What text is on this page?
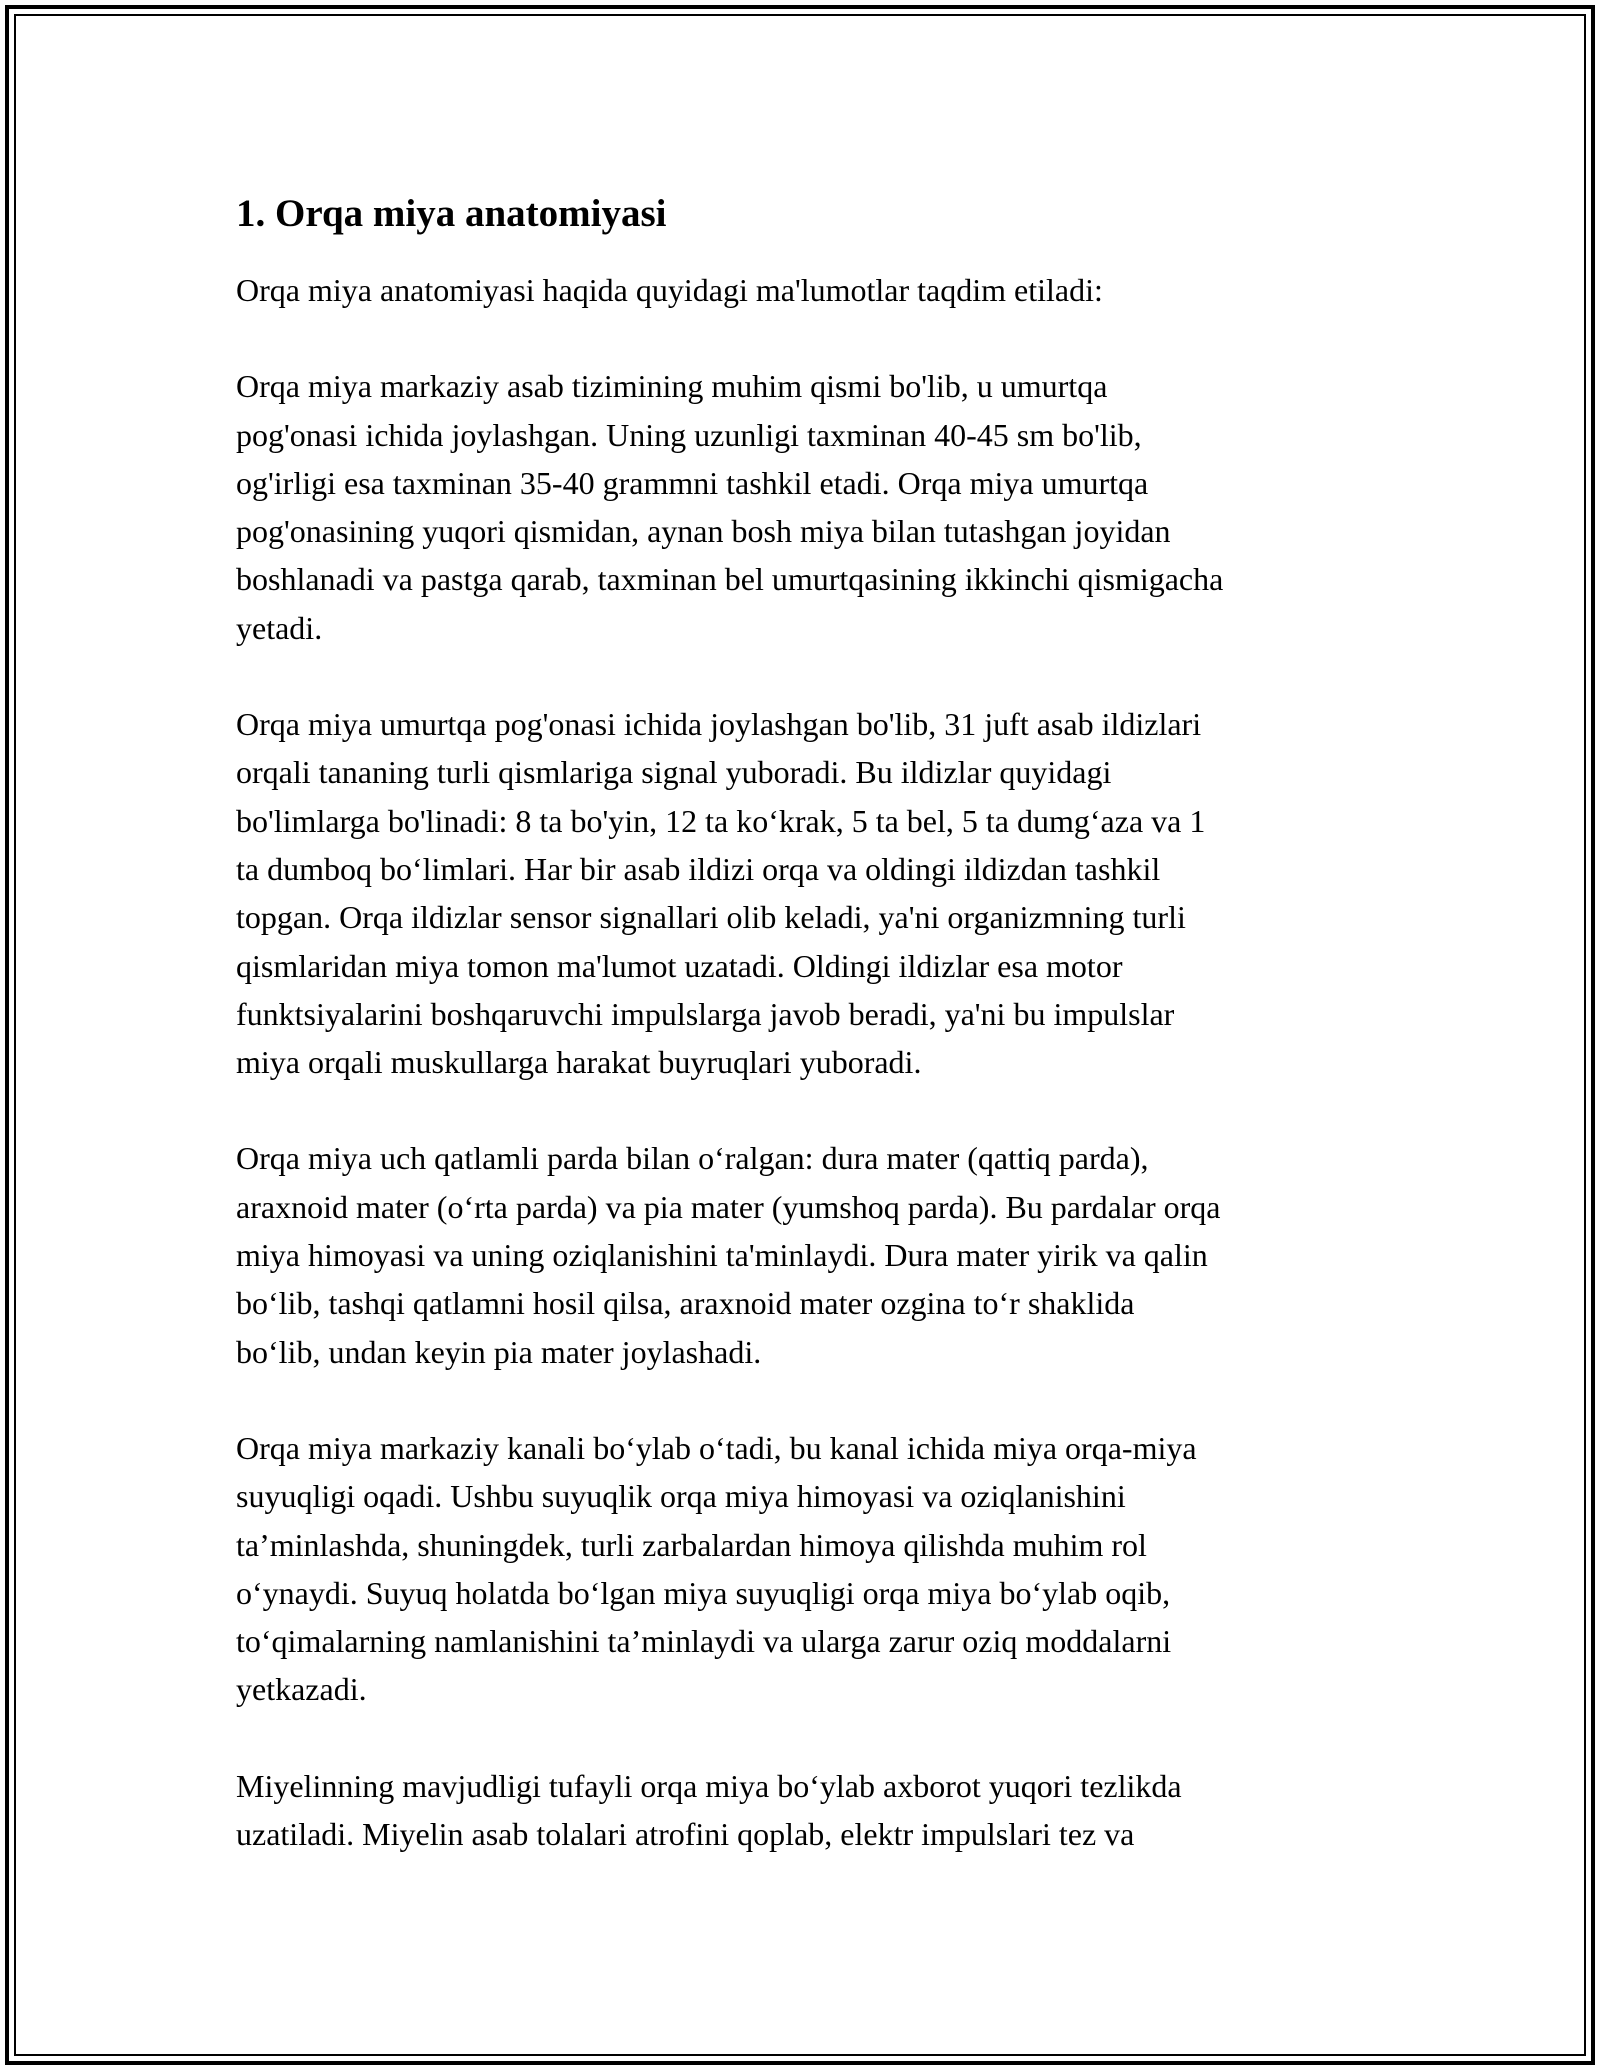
1. Orqa miya anatomiyasi

Orqa miya anatomiyasi haqida quyidagi ma'lumotlar taqdim etiladi:

Orqa miya markaziy asab tizimining muhim qismi bo'lib, u umurtqa
pog'onasi ichida joylashgan. Uning uzunligi taxminan 40-45 sm bo'lib,
og'irligi esa taxminan 35-40 grammni tashkil etadi. Orqa miya umurtqa
pog'onasining yuqori qismidan, aynan bosh miya bilan tutashgan joyidan
boshlanadi va pastga qarab, taxminan bel umurtqasining ikkinchi qismigacha
yetadi.

Orqa miya umurtqa pog'onasi ichida joylashgan bo'lib, 31 juft asab ildizlari
orqali tananing turli qismlariga signal yuboradi. Bu ildizlar quyidagi
bo'limlarga bo'linadi: 8 ta bo'yin, 12 ta ko‘krak, 5 ta bel, 5 ta dumg‘aza va 1
ta dumboq bo‘limlari. Har bir asab ildizi orqa va oldingi ildizdan tashkil
topgan. Orqa ildizlar sensor signallari olib keladi, ya'ni organizmning turli
qismlaridan miya tomon ma'lumot uzatadi. Oldingi ildizlar esa motor
funktsiyalarini boshqaruvchi impulslarga javob beradi, ya'ni bu impulslar
miya orqali muskullarga harakat buyruqlari yuboradi.

Orqa miya uch qatlamli parda bilan o‘ralgan: dura mater (qattiq parda),
araxnoid mater (o‘rta parda) va pia mater (yumshoq parda). Bu pardalar orqa
miya himoyasi va uning oziqlanishini ta'minlaydi. Dura mater yirik va qalin
bo‘lib, tashqi qatlamni hosil qilsa, araxnoid mater ozgina to‘r shaklida
bo‘lib, undan keyin pia mater joylashadi.

Orqa miya markaziy kanali bo‘ylab o‘tadi, bu kanal ichida miya orqa-miya
suyuqligi oqadi. Ushbu suyuqlik orqa miya himoyasi va oziqlanishini
ta’minlashda, shuningdek, turli zarbalardan himoya qilishda muhim rol
o‘ynaydi. Suyuq holatda bo‘lgan miya suyuqligi orqa miya bo‘ylab oqib,
to‘qimalarning namlanishini ta’minlaydi va ularga zarur oziq moddalarni
yetkazadi.

Miyelinning mavjudligi tufayli orqa miya bo‘ylab axborot yuqori tezlikda
uzatiladi. Miyelin asab tolalari atrofini qoplab, elektr impulslari tez va
